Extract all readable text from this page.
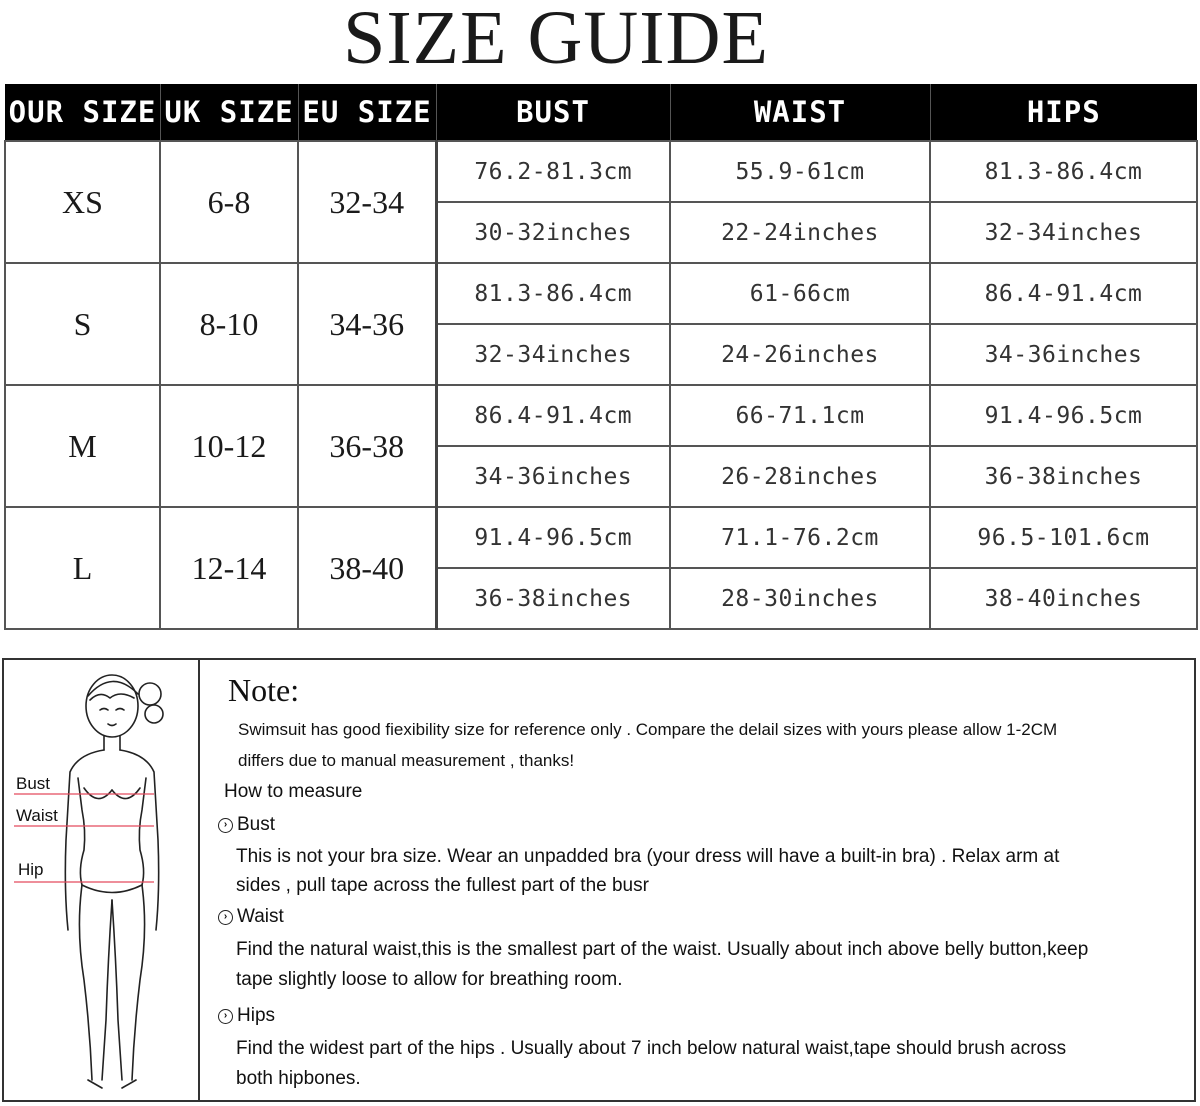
SIZE GUIDE
OUR SIZE	UK SIZE	EU SIZE	BUST	WAIST	HIPS
XS	6-8	32-34	76.2-81.3cm	55.9-61cm	81.3-86.4cm
			30-32inches	22-24inches	32-34inches
S	8-10	34-36	81.3-86.4cm	61-66cm	86.4-91.4cm
			32-34inches	24-26inches	34-36inches
M	10-12	36-38	86.4-91.4cm	66-71.1cm	91.4-96.5cm
			34-36inches	26-28inches	36-38inches
L	12-14	38-40	91.4-96.5cm	71.1-76.2cm	96.5-101.6cm
			36-38inches	28-30inches	38-40inches
Bust
Waist
Hip
Note:
Swimsuit has good fiexibility size for reference only . Compare the delail sizes with yours please allow 1-2CM
differs due to manual measurement , thanks!
How to measure
› Bust
This is not your bra size. Wear an unpadded bra (your dress will have a built-in bra) . Relax arm at
sides , pull tape across the fullest part of the busr
› Waist
Find the natural waist,this is the smallest part of the waist. Usually about inch above belly button,keep
tape slightly loose to allow for breathing room.
› Hips
Find the widest part of the hips . Usually about 7 inch below natural waist,tape should brush across
both hipbones.
